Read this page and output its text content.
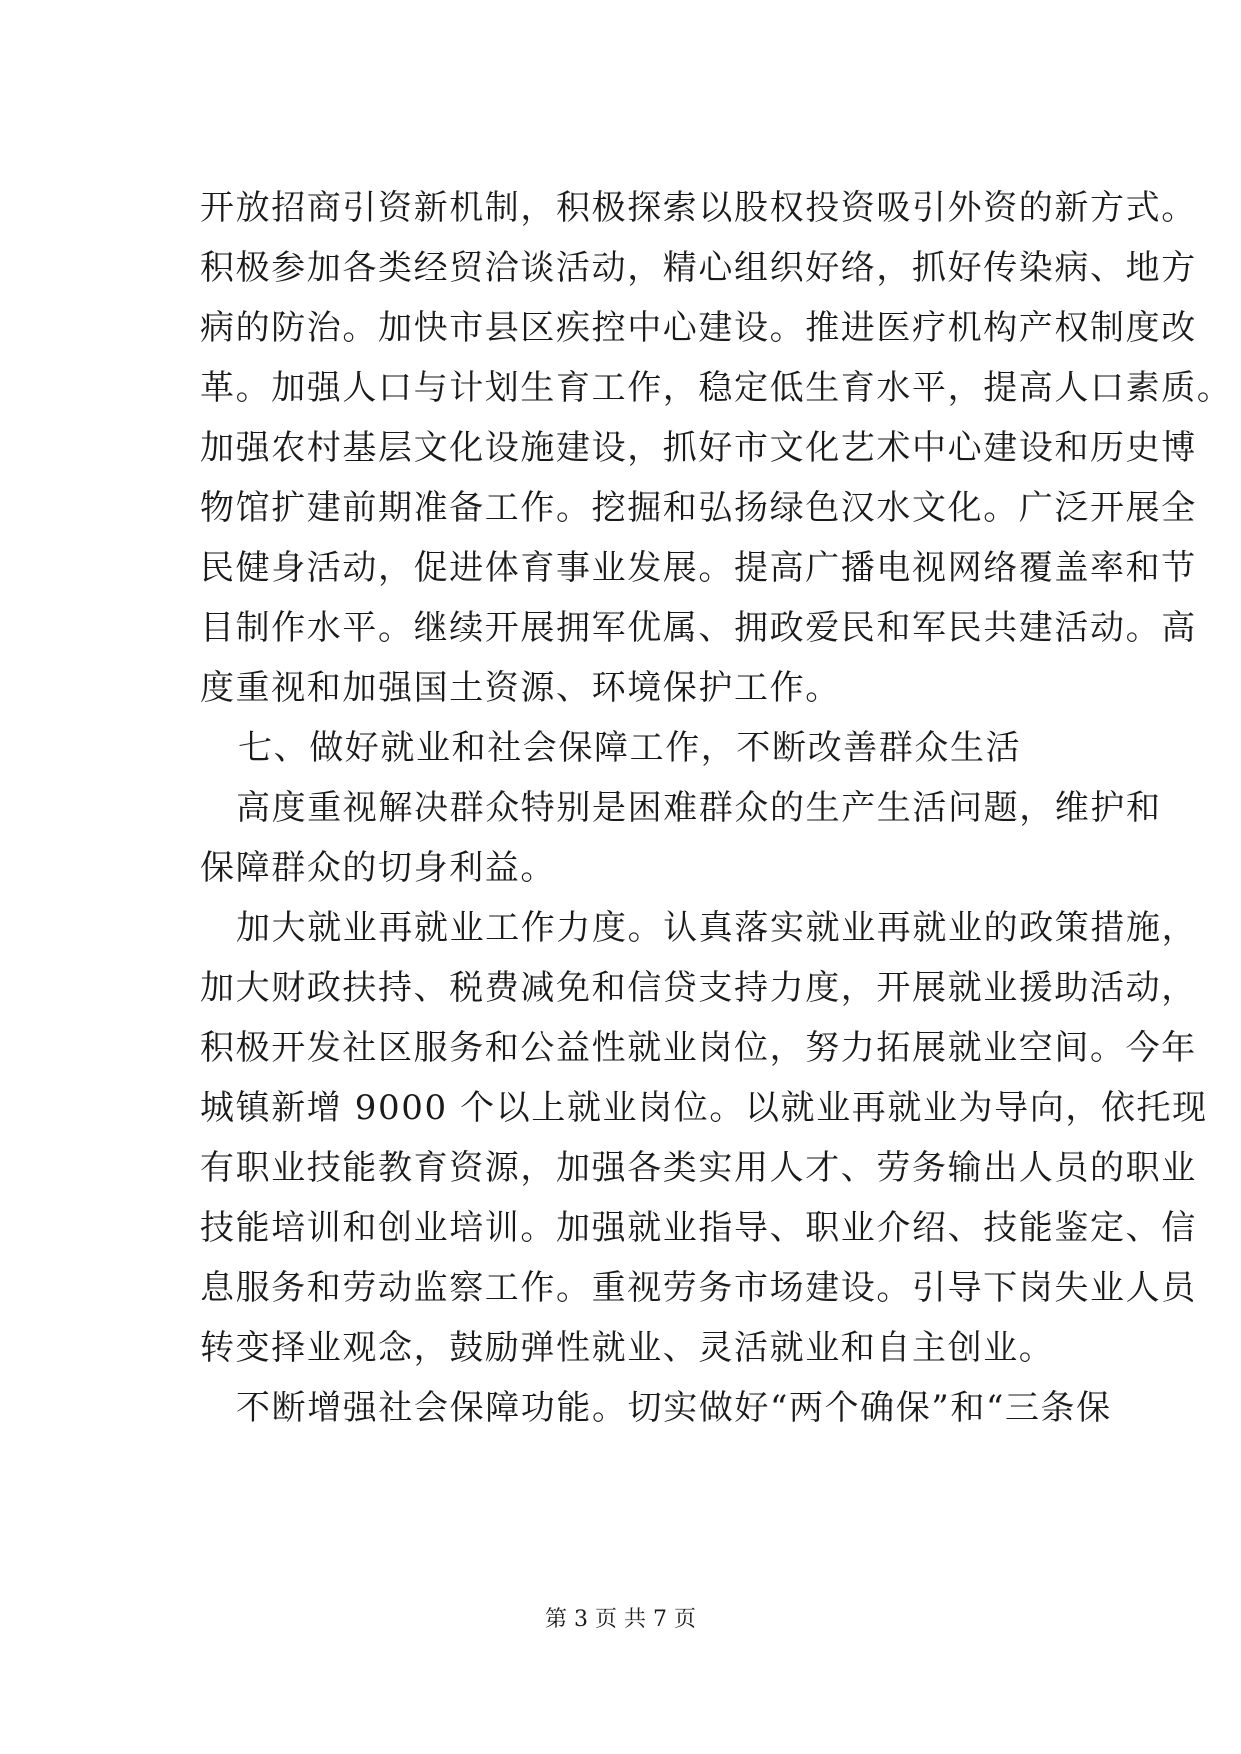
开放招商引资新机制，积极探索以股权投资吸引外资的新方式。
积极参加各类经贸洽谈活动，精心组织好络，抓好传染病、地方
病的防治。加快市县区疾控中心建设。推进医疗机构产权制度改
革。加强人口与计划生育工作，稳定低生育水平，提高人口素质。
加强农村基层文化设施建设，抓好市文化艺术中心建设和历史博
物馆扩建前期准备工作。挖掘和弘扬绿色汉水文化。广泛开展全
民健身活动，促进体育事业发展。提高广播电视网络覆盖率和节
目制作水平。继续开展拥军优属、拥政爱民和军民共建活动。高
度重视和加强国土资源、环境保护工作。
七、做好就业和社会保障工作，不断改善群众生活
高度重视解决群众特别是困难群众的生产生活问题，维护和
保障群众的切身利益。
加大就业再就业工作力度。认真落实就业再就业的政策措施，
加大财政扶持、税费减免和信贷支持力度，开展就业援助活动，
积极开发社区服务和公益性就业岗位，努力拓展就业空间。今年
城镇新增 9000 个以上就业岗位。以就业再就业为导向，依托现
有职业技能教育资源，加强各类实用人才、劳务输出人员的职业
技能培训和创业培训。加强就业指导、职业介绍、技能鉴定、信
息服务和劳动监察工作。重视劳务市场建设。引导下岗失业人员
转变择业观念，鼓励弹性就业、灵活就业和自主创业。
不断增强社会保障功能。切实做好“两个确保”和“三条保
第 3 页 共 7 页
